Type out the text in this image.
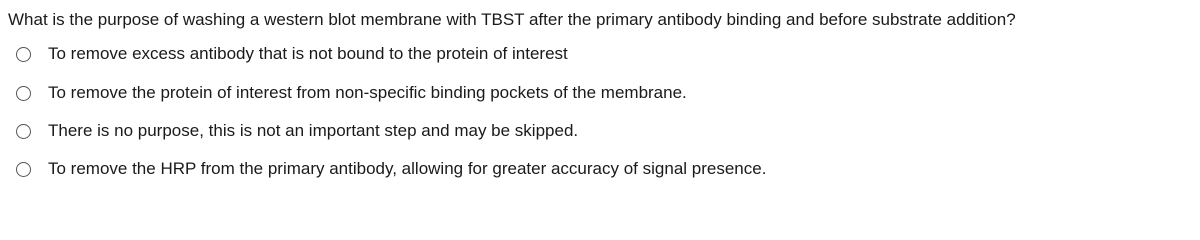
What is the purpose of washing a western blot membrane with TBST after the primary antibody binding and before substrate addition?

To remove excess antibody that is not bound to the protein of interest
To remove the protein of interest from non-specific binding pockets of the membrane.
There is no purpose, this is not an important step and may be skipped.
To remove the HRP from the primary antibody, allowing for greater accuracy of signal presence.
